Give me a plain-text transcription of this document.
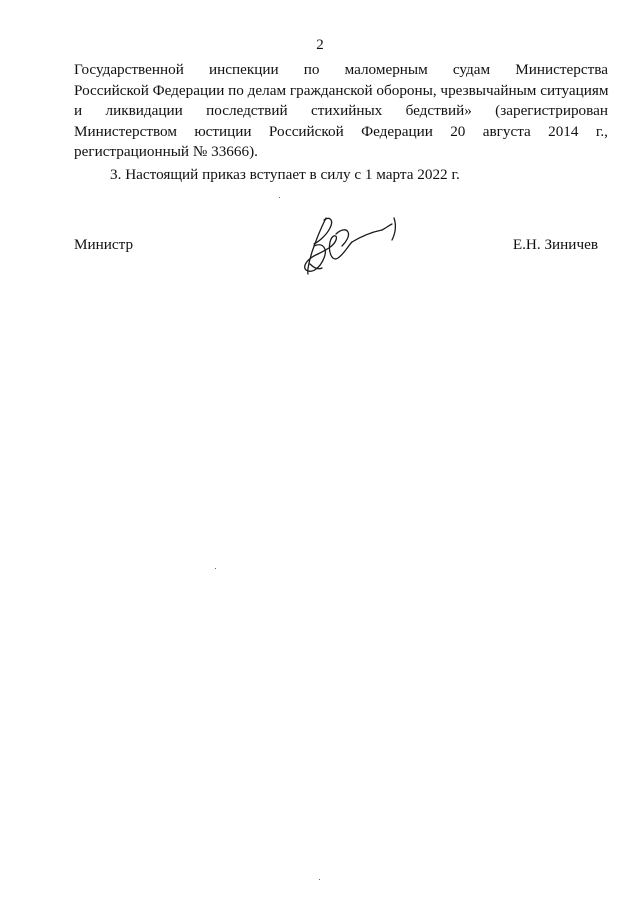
2
Государственной инспекции по маломерным судам Министерства
Российской Федерации по делам гражданской обороны, чрезвычайным ситуациям
и ликвидации последствий стихийных бедствий» (зарегистрирован
Министерством юстиции Российской Федерации 20 августа 2014 г.,
регистрационный № 33666).
3. Настоящий приказ вступает в силу с 1 марта 2022 г.
Министр	Е.Н. Зиничев
